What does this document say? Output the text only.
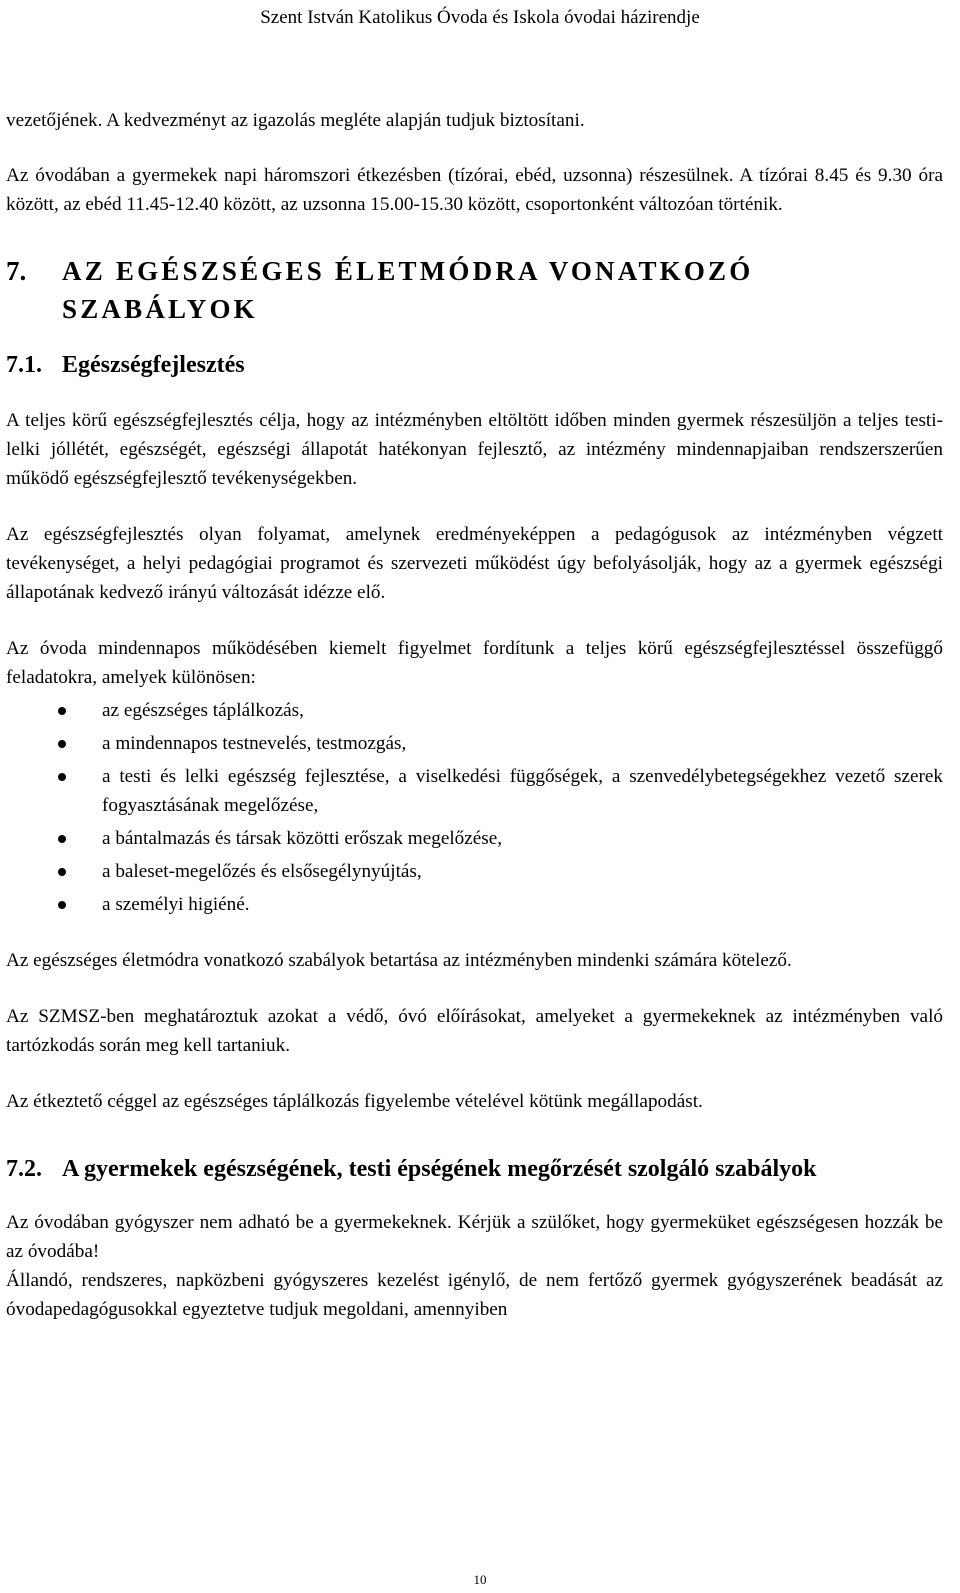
Szent István Katolikus Óvoda és Iskola óvodai házirendje

vezetőjének. A kedvezményt az igazolás megléte alapján tudjuk biztosítani.

Az óvodában a gyermekek napi háromszori étkezésben (tízórai, ebéd, uzsonna) részesülnek. A tízórai 8.45 és 9.30 óra között, az ebéd 11.45-12.40 között, az uzsonna 15.00-15.30 között, csoportonként változóan történik.

7.	AZ EGÉSZSÉGES ÉLETMÓDRA VONATKOZÓ SZABÁLYOK
7.1. Egészségfejlesztés

A teljes körű egészségfejlesztés célja, hogy az intézményben eltöltött időben minden gyermek részesüljön a teljes testi-lelki jóllétét, egészségét, egészségi állapotát hatékonyan fejlesztő, az intézmény mindennapjaiban rendszerszerűen működő egészségfejlesztő tevékenységekben.

Az egészségfejlesztés olyan folyamat, amelynek eredményeképpen a pedagógusok az intézményben végzett tevékenységet, a helyi pedagógiai programot és szervezeti működést úgy befolyásolják, hogy az a gyermek egészségi állapotának kedvező irányú változását idézze elő.

Az óvoda mindennapos működésében kiemelt figyelmet fordítunk a teljes körű egészségfejlesztéssel összefüggő feladatokra, amelyek különösen:

az egészséges táplálkozás,
a mindennapos testnevelés, testmozgás,
a testi és lelki egészség fejlesztése, a viselkedési függőségek, a szenvedélybetegségekhez vezető szerek fogyasztásának megelőzése,
a bántalmazás és társak közötti erőszak megelőzése,
a baleset-megelőzés és elsősegélynyújtás,
a személyi higiéné.

Az egészséges életmódra vonatkozó szabályok betartása az intézményben mindenki számára kötelező.

Az SZMSZ-ben meghatároztuk azokat a védő, óvó előírásokat, amelyeket a gyermekeknek az intézményben való tartózkodás során meg kell tartaniuk.

Az étkeztető céggel az egészséges táplálkozás figyelembe vételével kötünk megállapodást.

7.2. A gyermekek egészségének, testi épségének megőrzését szolgáló szabályok

Az óvodában gyógyszer nem adható be a gyermekeknek. Kérjük a szülőket, hogy gyermeküket egészségesen hozzák be az óvodába!

Állandó, rendszeres, napközbeni gyógyszeres kezelést igénylő, de nem fertőző gyermek gyógyszerének beadását az óvodapedagógusokkal egyeztetve tudjuk megoldani, amennyiben

10
